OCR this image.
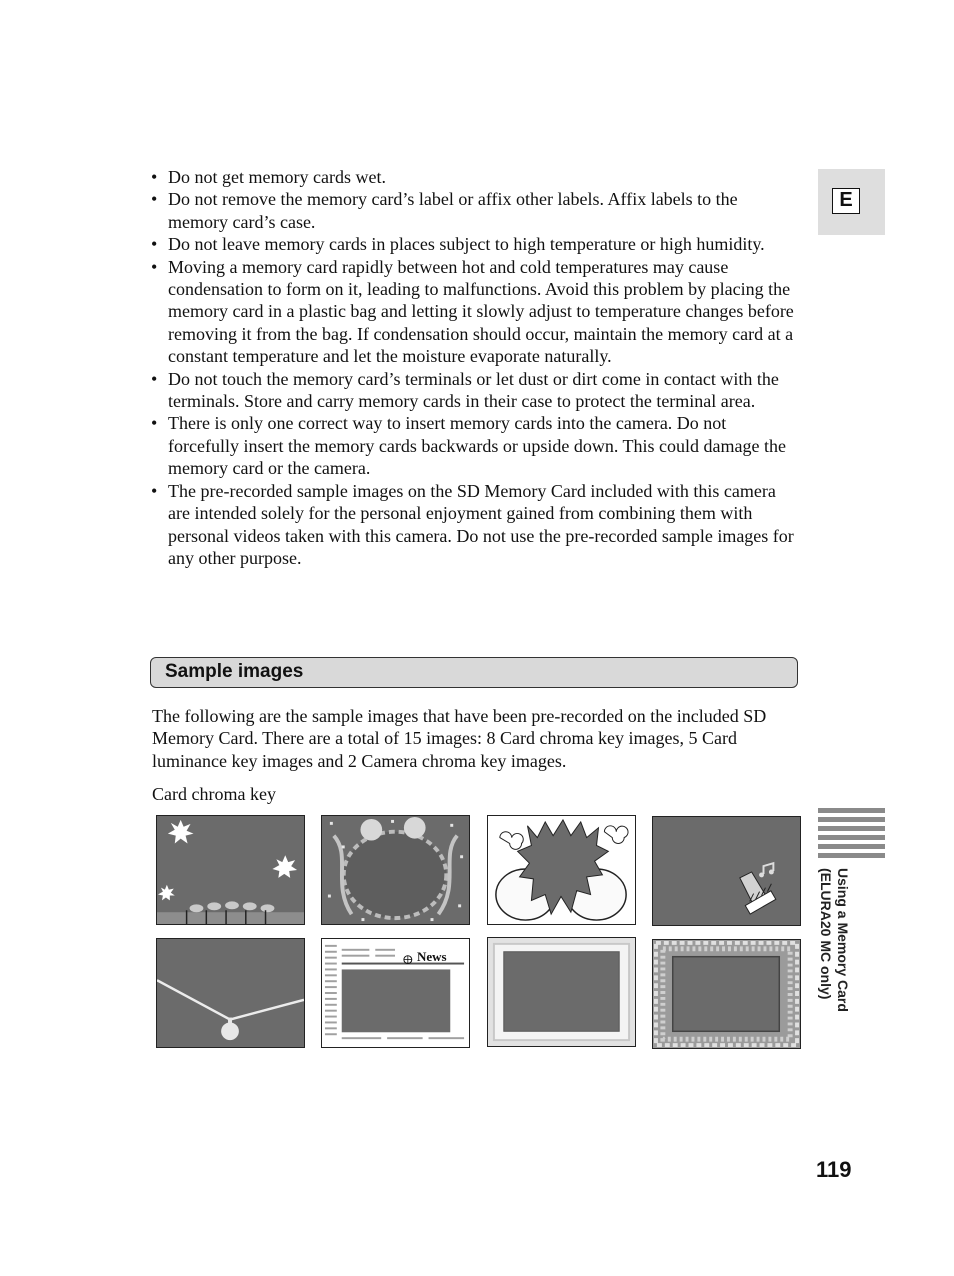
• Do not get memory cards wet.
• Do not remove the memory card’s label or affix other labels. Affix labels to the memory card’s case.
• Do not leave memory cards in places subject to high temperature or high humidity.
• Moving a memory card rapidly between hot and cold temperatures may cause condensation to form on it, leading to malfunctions. Avoid this problem by placing the memory card in a plastic bag and letting it slowly adjust to temperature changes before removing it from the bag. If condensation should occur, maintain the memory card at a constant temperature and let the moisture evaporate naturally.
• Do not touch the memory card’s terminals or let dust or dirt come in contact with the terminals. Store and carry memory cards in their case to protect the terminal area.
• There is only one correct way to insert memory cards into the camera. Do not forcefully insert the memory cards backwards or upside down. This could damage the memory card or the camera.
• The pre-recorded sample images on the SD Memory Card included with this camera are intended solely for the personal enjoyment gained from combining them with personal videos taken with this camera. Do not use the pre-recorded sample images for any other purpose.
Sample images

The following are the sample images that have been pre-recorded on the included SD Memory Card. There are a total of 15 images: 8 Card chroma key images, 5 Card luminance key images and 2 Camera chroma key images.

Card chroma key

News
E
Using a Memory Card
(ELURA20 MC only)
119
